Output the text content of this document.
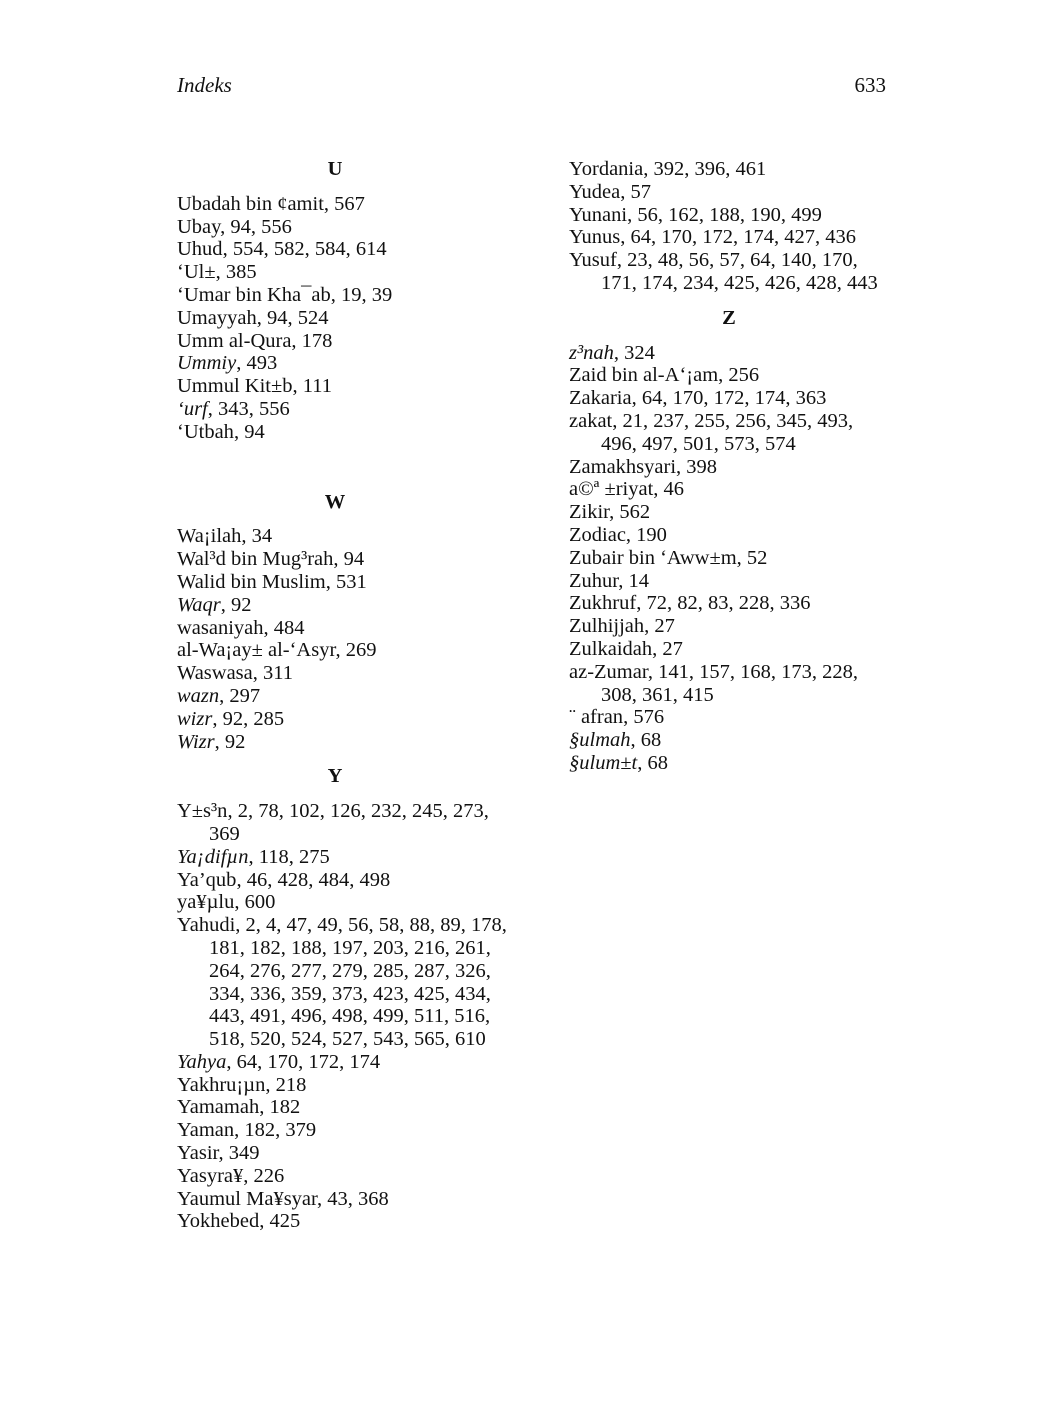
Indeks	633
U
Ubadah bin ¢amit, 567
Ubay, 94, 556
Uhud, 554, 582, 584, 614
‘Ul±, 385
‘Umar bin Kha¯ab, 19, 39
Umayyah, 94, 524
Umm al-Qura, 178
Ummiy, 493
Ummul Kit±b, 111
‘urf, 343, 556
‘Utbah, 94
W
Wa¡ilah, 34
Wal³d bin Mug³rah, 94
Walid bin Muslim, 531
Waqr, 92
wasaniyah, 484
al-Wa¡ay± al-‘Asyr, 269
Waswasa, 311
wazn, 297
wizr, 92, 285
Wizr, 92
Y
Y±s³n, 2, 78, 102, 126, 232, 245, 273, 369
Ya¡difµn, 118, 275
Ya’qub, 46, 428, 484, 498
ya¥µlu, 600
Yahudi, 2, 4, 47, 49, 56, 58, 88, 89, 178, 181, 182, 188, 197, 203, 216, 261, 264, 276, 277, 279, 285, 287, 326, 334, 336, 359, 373, 423, 425, 434, 443, 491, 496, 498, 499, 511, 516, 518, 520, 524, 527, 543, 565, 610
Yahya, 64, 170, 172, 174
Yakhru¡µn, 218
Yamamah, 182
Yaman, 182, 379
Yasir, 349
Yasyra¥, 226
Yaumul Ma¥syar, 43, 368
Yokhebed, 425
Yordania, 392, 396, 461
Yudea, 57
Yunani, 56, 162, 188, 190, 499
Yunus, 64, 170, 172, 174, 427, 436
Yusuf, 23, 48, 56, 57, 64, 140, 170, 171, 174, 234, 425, 426, 428, 443
Z
z³nah, 324
Zaid bin al-A‘¡am, 256
Zakaria, 64, 170, 172, 174, 363
zakat, 21, 237, 255, 256, 345, 493, 496, 497, 501, 573, 574
Zamakhsyari, 398
a©ª ±riyat, 46
Zikir, 562
Zodiac, 190
Zubair bin ‘Aww±m, 52
Zuhur, 14
Zukhruf, 72, 82, 83, 228, 336
Zulhijjah, 27
Zulkaidah, 27
az-Zumar, 141, 157, 168, 173, 228, 308, 361, 415
¨ afran, 576
§ulmah, 68
§ulum±t, 68
